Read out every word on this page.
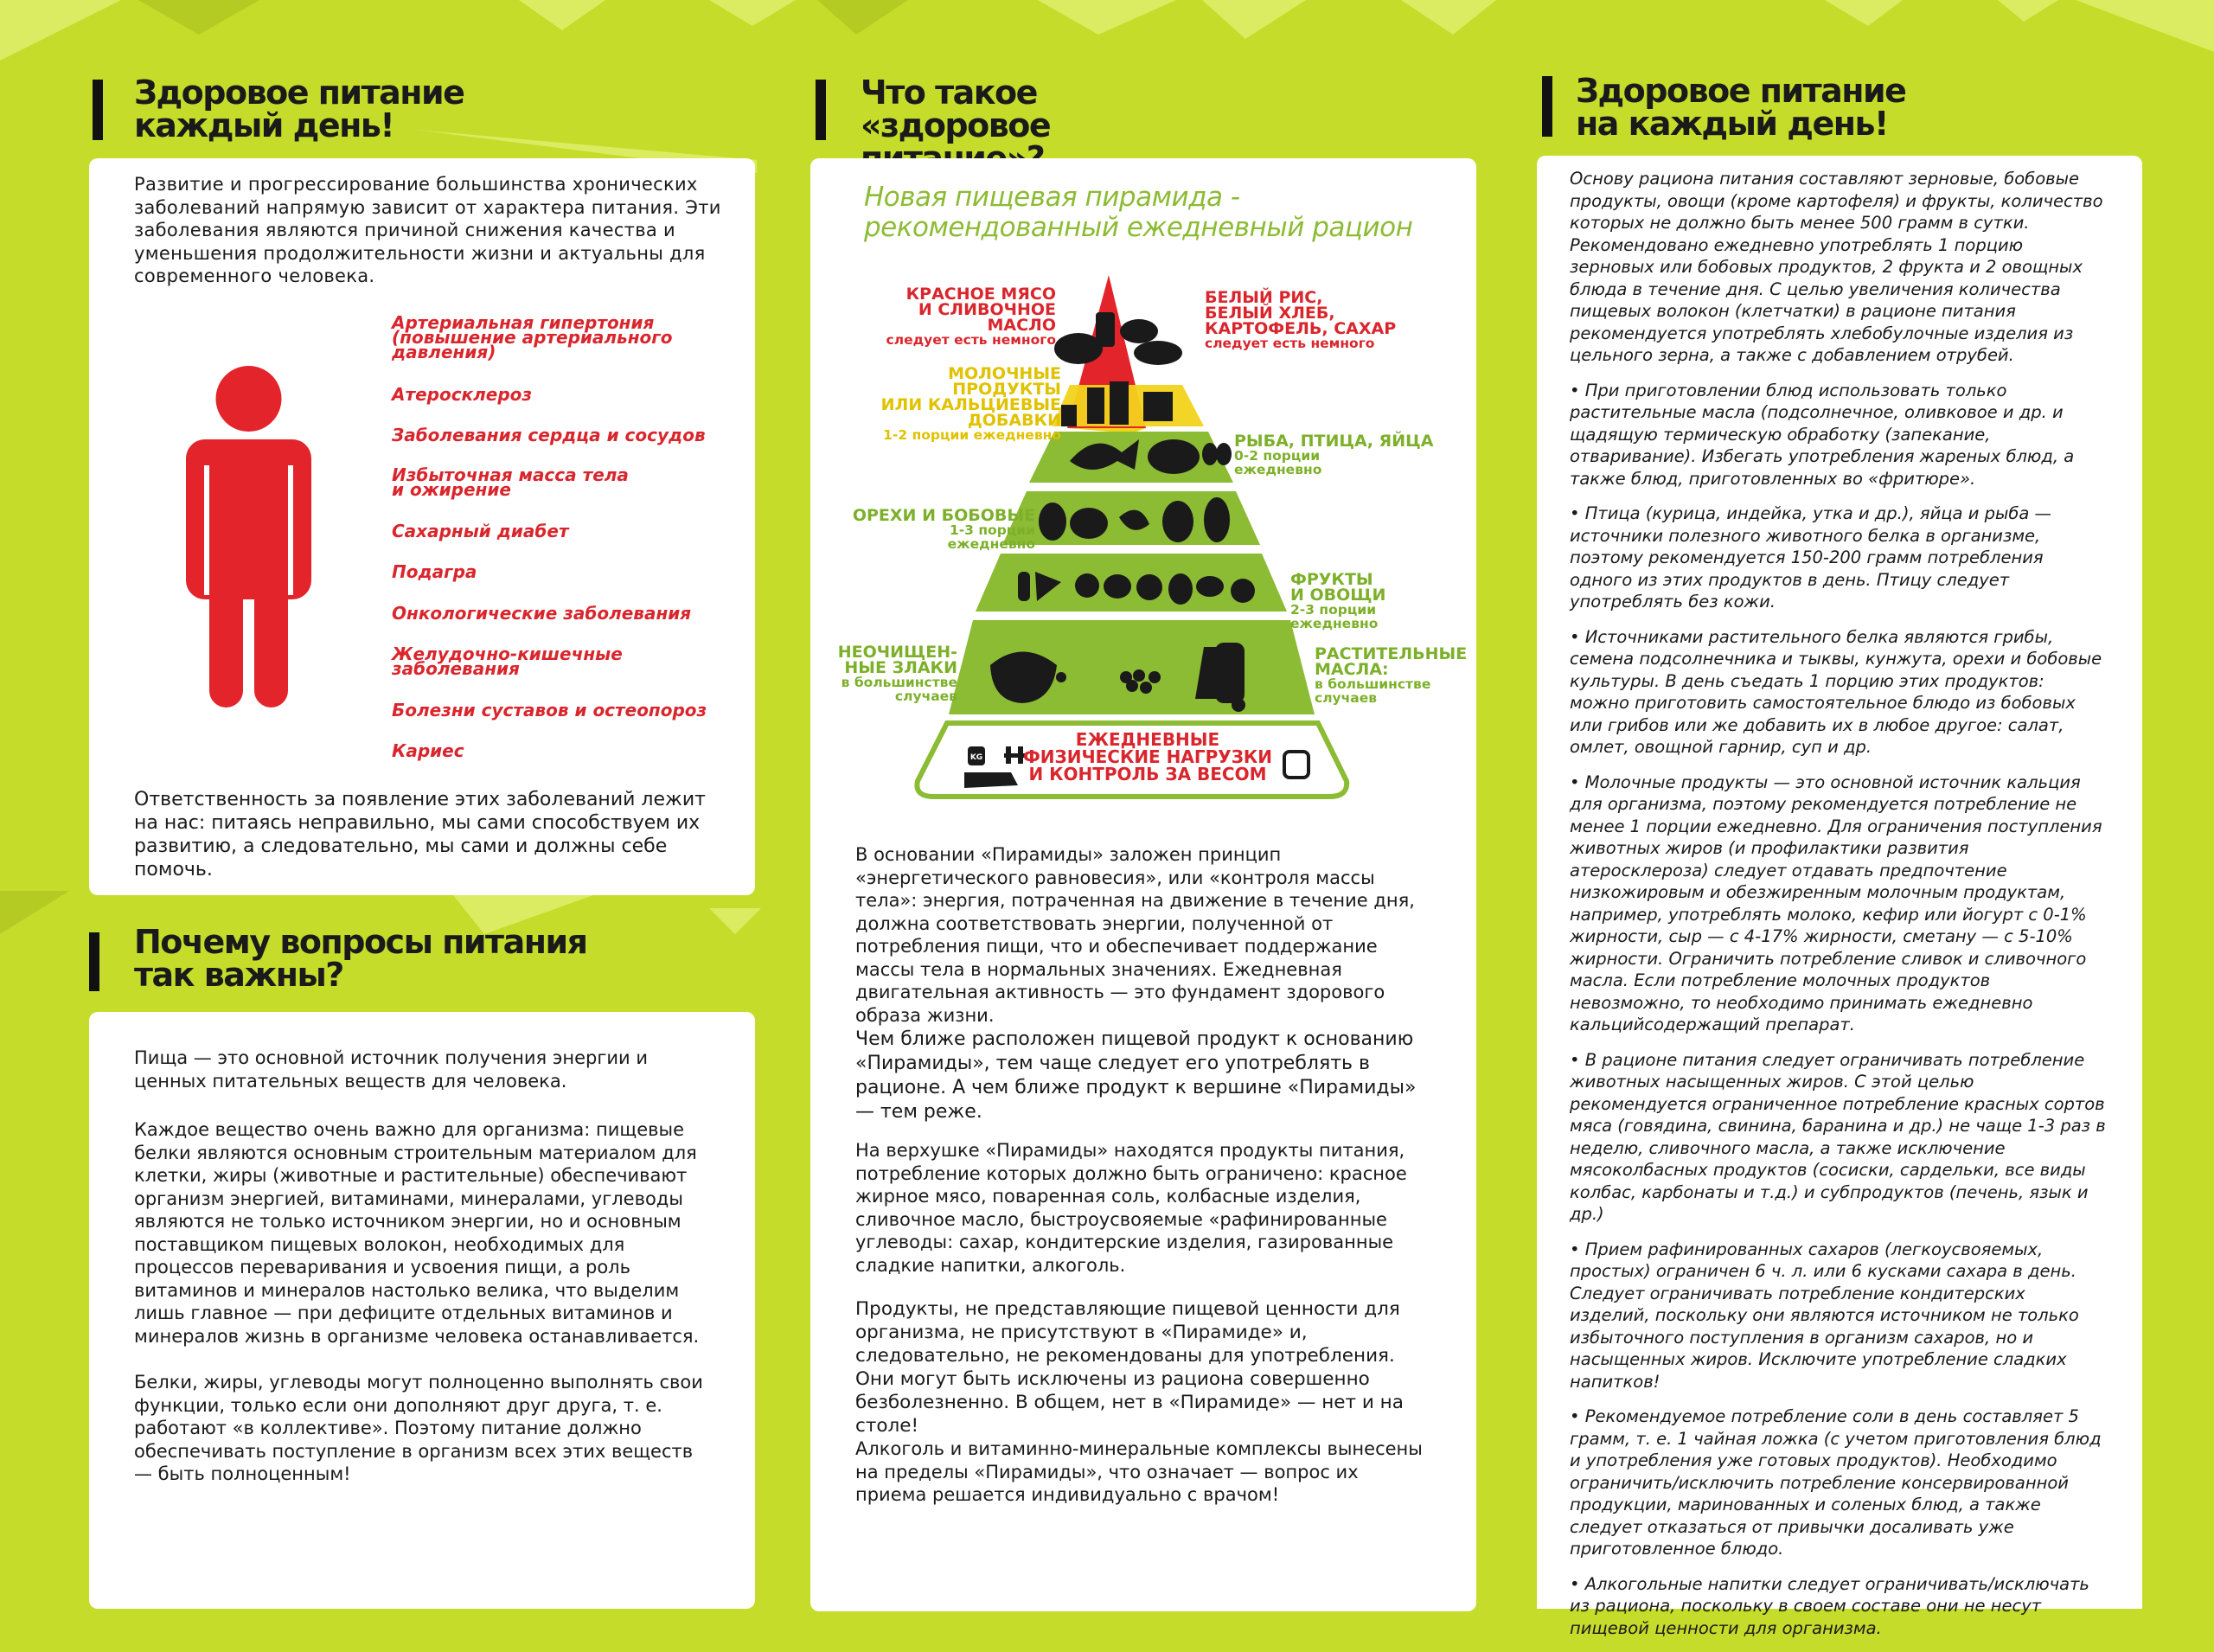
Здоровое питание
каждый день!

Развитие и прогрессирование большинства хронических заболеваний напрямую зависит от характера питания. Эти заболевания являются причиной снижения качества и уменьшения продолжительности жизни и актуальны для современного человека.

Артериальная гипертония (повышение артериального давления)

Атеросклероз

Заболевания сердца и сосудов

Избыточная масса тела и ожирение

Сахарный диабет

Подагра

Онкологические заболевания

Желудочно-кишечные заболевания

Болезни суставов и остеопороз

Кариес

Ответственность за появление этих заболеваний лежит на нас: питаясь неправильно, мы сами способствуем их развитию, а следовательно, мы сами и должны себе помочь.

Почему вопросы питания
так важны?

Пища — это основной источник получения энергии и ценных питательных веществ для человека.

Каждое вещество очень важно для организма: пищевые белки являются основным строительным материалом для клетки, жиры (животные и растительные) обеспечивают организм энергией, витаминами, минералами, углеводы являются не только источником энергии, но и основным поставщиком пищевых волокон, необходимых для процессов переваривания и усвоения пищи, а роль витаминов и минералов настолько велика, что выделим лишь главное — при дефиците отдельных витаминов и минералов жизнь в организме человека останавливается.

Белки, жиры, углеводы могут полноценно выполнять свои функции, только если они дополняют друг друга, т. е. работают «в коллективе». Поэтому питание должно обеспечивать поступление в организм всех этих веществ — быть полноценным!

Что такое
«здоровое
Новая пищевая пирамида -
рекомендованный ежедневный рацион
KG
КРАСНОЕ МЯСО
И СЛИВОЧНОЕ МАСЛО
следует есть немного
БЕЛЫЙ РИС,
БЕЛЫЙ ХЛЕБ,
КАРТОФЕЛЬ, САХАР
следует есть немного
МОЛОЧНЫЕ ПРОДУКТЫ
ИЛИ КАЛЬЦИЕВЫЕ
ДОБАВКИ
1-2 порции ежедневно	РЫБА, ПТИЦА, ЯЙЦА
0-2 порции
ежедневно
ОРЕХИ И БОБОВЫЕ
1-3 порции
ежедневно
ФРУКТЫ
И ОВОЩИ
2-3 порции
ежедневно
НЕОЧИЩЕН-
НЫЕ ЗЛАКИ
в большинстве
случаев
РАСТИТЕЛЬНЫЕ
МАСЛА:
в большинстве
случаев
ЕЖЕДНЕВНЫЕ
ФИЗИЧЕСКИЕ НАГРУЗКИ
И КОНТРОЛЬ ЗА ВЕСОМ

В основании «Пирамиды» заложен принцип «энергетического равновесия», или «контроля массы тела»: энергия, потраченная на движение в течение дня, должна соответствовать энергии, полученной от потребления пищи, что и обеспечивает поддержание массы тела в нормальных значениях. Ежедневная двигательная активность — это фундамент здорового образа жизни.

Чем ближе расположен пищевой продукт к основанию «Пирамиды», тем чаще следует его употреблять в рационе. А чем ближе продукт к вершине «Пирамиды» — тем реже.

На верхушке «Пирамиды» находятся продукты питания, потребление которых должно быть ограничено: красное жирное мясо, поваренная соль, колбасные изделия, сливочное масло, быстроусвояемые «рафинированные углеводы: сахар, кондитерские изделия, газированные сладкие напитки, алкоголь.

Продукты, не представляющие пищевой ценности для организма, не присутствуют в «Пирамиде» и, следовательно, не рекомендованы для употребления. Они могут быть исключены из рациона совершенно безболезненно. В общем, нет в «Пирамиде» — нет и на столе!

Алкоголь и витаминно-минеральные комплексы вынесены на пределы «Пирамиды», что означает — вопрос их приема решается индивидуально с врачом!

Здоровое питание
на каждый день!

Основу рациона питания составляют зерновые, бобовые продукты, овощи (кроме картофеля) и фрукты, количество которых не должно быть менее 500 грамм в сутки. Рекомендовано ежедневно употреблять 1 порцию зерновых или бобовых продуктов, 2 фрукта и 2 овощных блюда в течение дня. С целью увеличения количества пищевых волокон (клетчатки) в рационе питания рекомендуется употреблять хлебобулочные изделия из цельного зерна, а также с добавлением отрубей.

• При приготовлении блюд использовать только растительные масла (подсолнечное, оливковое и др. и щадящую термическую обработку (запекание, отваривание). Избегать употребления жареных блюд, а также блюд, приготовленных во «фритюре».

• Птица (курица, индейка, утка и др.), яйца и рыба — источники полезного животного белка в организме, поэтому рекомендуется 150-200 грамм потребления одного из этих продуктов в день. Птицу следует употреблять без кожи.

• Источниками растительного белка являются грибы, семена подсолнечника и тыквы, кунжута, орехи и бобовые культуры. В день съедать 1 порцию этих продуктов: можно приготовить самостоятельное блюдо из бобовых или грибов или же добавить их в любое другое: салат, омлет, овощной гарнир, суп и др.

• Молочные продукты — это основной источник кальция для организма, поэтому рекомендуется потребление не менее 1 порции ежедневно. Для ограничения поступления животных жиров (и профилактики развития атеросклероза) следует отдавать предпочтение низкожировым и обезжиренным молочным продуктам, например, употреблять молоко, кефир или йогурт с 0-1% жирности, сыр — с 4-17% жирности, сметану — с 5-10% жирности. Ограничить потребление сливок и сливочного масла. Если потребление молочных продуктов невозможно, то необходимо принимать ежедневно кальцийсодержащий препарат.

• В рационе питания следует ограничивать потребление животных насыщенных жиров. С этой целью рекомендуется ограниченное потребление красных сортов мяса (говядина, свинина, баранина и др.) не чаще 1-3 раз в неделю, сливочного масла, а также исключение мясоколбасных продуктов (сосиски, сардельки, все виды колбас, карбонаты и т.д.) и субпродуктов (печень, язык и др.)

• Прием рафинированных сахаров (легкоусвояемых, простых) ограничен 6 ч. л. или 6 кусками сахара в день. Следует ограничивать потребление кондитерских изделий, поскольку они являются источником не только избыточного поступления в организм сахаров, но и насыщенных жиров. Исключите употребление сладких напитков!

• Рекомендуемое потребление соли в день составляет 5 грамм, т. е. 1 чайная ложка (с учетом приготовления блюд и употребления уже готовых продуктов). Необходимо ограничить/исключить потребление консервированной продукции, маринованных и соленых блюд, а также следует отказаться от привычки досаливать уже приготовленное блюдо.

• Алкогольные напитки следует ограничивать/исключать из рациона, поскольку в своем составе они не несут пищевой ценности для организма.
